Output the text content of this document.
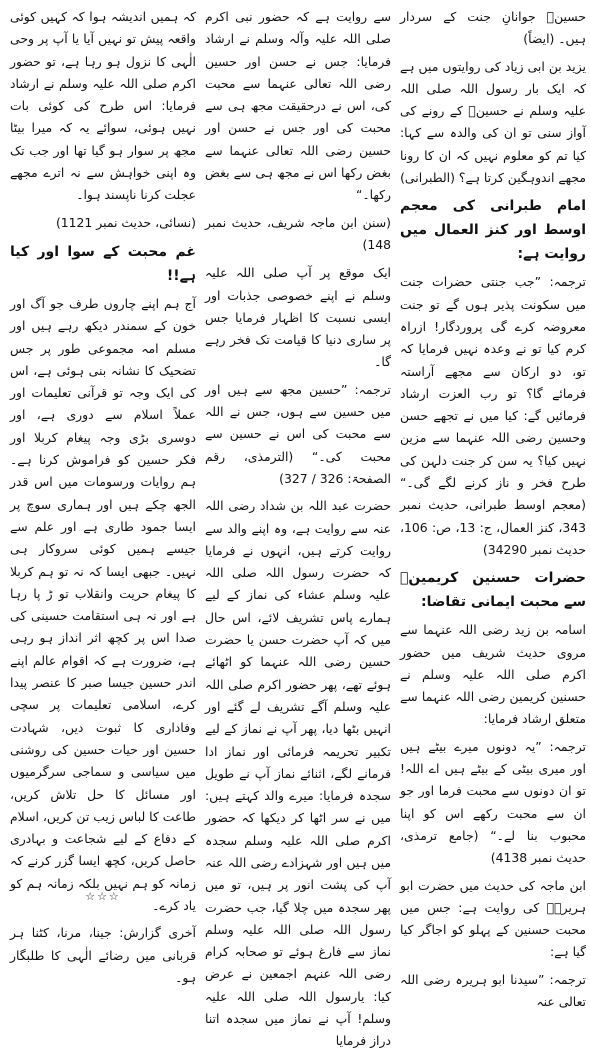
حسینؓ جوانانِ جنت کے سردار ہیں۔ (ایضاً)

یزید بن ابی زیاد کی روایتوں میں ہے کہ ایک بار رسول اللہ صلی اللہ علیہ وسلم نے حسینؓ کے رونے کی آواز سنی تو ان کی والدہ سے کہا: کیا تم کو معلوم نہیں کہ ان کا رونا مجھے اندوہگین کرتا ہے؟ (الطبرانی)

امام طبرانی کی معجم اوسط اور کنز العمال میں روایت ہے:

ترجمہ: ”جب جنتی حضرات جنت میں سکونت پذیر ہوں گے تو جنت معروضہ کرے گی پروردگار! ازراہ کرم کیا تو نے وعدہ نہیں فرمایا کہ تو، دو ارکان سے مجھے آراستہ فرمائے گا؟ تو رب العزت ارشاد فرمائیں گے: کیا میں نے تجھے حسن وحسین رضی اللہ عنہما سے مزین نہیں کیا؟ یہ سن کر جنت دلہن کی طرح فخر و ناز کرنے لگے گی۔“ (معجم اوسط طبرانی، حدیث نمبر 343، کنز العمال، ج: 13، ص: 106، حدیث نمبر 34290)

حضرات حسنین کریمینؓ سے محبت ایمانی تقاضا:

اسامہ بن زید رضی اللہ عنہما سے مروی حدیث شریف میں حضور اکرم صلی اللہ علیہ وسلم نے حسنین کریمین رضی اللہ عنہما سے متعلق ارشاد فرمایا:

ترجمہ: ”یہ دونوں میرے بیٹے ہیں اور میری بیٹی کے بیٹے ہیں اے اللہ! تو ان دونوں سے محبت فرما اور جو ان سے محبت رکھے اس کو اپنا محبوب بنا لے۔“ (جامع ترمذی، حدیث نمبر 4138)

ابن ماجہ کی حدیث میں حضرت ابو ہریرہؓ کی روایت ہے: جس میں محبت حسنین کے پہلو کو اجاگر کیا گیا ہے:

ترجمہ: ”سیدنا ابو ہریرہ رضی اللہ تعالی عنہ

سے روایت ہے کہ حضور نبی اکرم صلی اللہ علیہ وآلہ وسلم نے ارشاد فرمایا: جس نے حسن اور حسین رضی اللہ تعالی عنہما سے محبت کی، اس نے درحقیقت مجھ ہی سے محبت کی اور جس نے حسن اور حسین رضی اللہ تعالی عنہما سے بغض رکھا اس نے مجھ ہی سے بغض رکھا۔“

(سنن ابن ماجہ شریف، حدیث نمبر 148)

ایک موقع پر آپ صلی اللہ علیہ وسلم نے اپنے خصوصی جذبات اور ایسی نسبت کا اظہار فرمایا جس پر ساری دنیا کا قیامت تک فخر رہے گا۔

ترجمہ: ”حسین مجھ سے ہیں اور میں حسین سے ہوں، جس نے اللہ سے محبت کی اس نے حسین سے محبت کی۔“ (الترمذی، رقم الصفحۃ: 326 / 327)

حضرت عبد اللہ بن شداد رضی اللہ عنہ سے روایت ہے، وہ اپنے والد سے روایت کرتے ہیں، انہوں نے فرمایا کہ حضرت رسول اللہ صلی اللہ علیہ وسلم عشاء کی نماز کے لیے ہمارے پاس تشریف لائے، اس حال میں کہ آپ حضرت حسن یا حضرت حسین رضی اللہ عنہما کو اٹھائے ہوئے تھے، پھر حضور اکرم صلی اللہ علیہ وسلم آگے تشریف لے گئے اور انہیں بٹھا دیا، پھر آپ نے نماز کے لیے تکبیر تحریمہ فرمائی اور نماز ادا فرمانے لگے، اثنائے نماز آپ نے طویل سجدہ فرمایا: میرے والد کہتے ہیں: میں نے سر اٹھا کر دیکھا کہ حضور اکرم صلی اللہ علیہ وسلم سجدہ میں ہیں اور شہزادے رضی اللہ عنہ آپ کی پشت انور پر ہیں، تو میں پھر سجدہ میں چلا گیا، جب حضرت رسول اللہ صلی اللہ علیہ وسلم نماز سے فارغ ہوئے تو صحابہ کرام رضی اللہ عنہم اجمعین نے عرض کیا: یارسول اللہ صلی اللہ علیہ وسلم! آپ نے نماز میں سجدہ اتنا دراز فرمایا

کہ ہمیں اندیشہ ہوا کہ کہیں کوئی واقعہ پیش تو نہیں آیا یا آپ پر وحی الٰہی کا نزول ہو رہا ہے، تو حضور اکرم صلی اللہ علیہ وسلم نے ارشاد فرمایا: اس طرح کی کوئی بات نہیں ہوئی، سوائے یہ کہ میرا بیٹا مجھ پر سوار ہو گیا تھا اور جب تک وہ اپنی خواہش سے نہ اترے مجھے عجلت کرنا ناپسند ہوا۔

(نسائی، حدیث نمبر 1121)

غم محبت کے سوا اور کیا ہے!!

آج ہم اپنے چاروں طرف جو آگ اور خون کے سمندر دیکھ رہے ہیں اور مسلم امہ مجموعی طور پر جس تضحیک کا نشانہ بنی ہوئی ہے، اس کی ایک وجہ تو قرآنی تعلیمات اور عملاً اسلام سے دوری ہے، اور دوسری بڑی وجہ پیغام کربلا اور فکر حسین کو فراموش کرنا ہے۔ ہم روایات ورسومات میں اس قدر الجھ چکے ہیں اور ہماری سوچ پر ایسا جمود طاری ہے اور علم سے جیسے ہمیں کوئی سروکار ہی نہیں۔ جبھی ایسا کہ نہ تو ہم کربلا کا پیغام حریت وانقلاب تو ڑ پا رہا ہے اور نہ ہی استقامت حسینی کی صدا اس پر کچھ اثر انداز ہو رہی ہے، ضرورت ہے کہ اقوام عالم اپنے اندر حسین جیسا صبر کا عنصر پیدا کرے، اسلامی تعلیمات پر سچی وفاداری کا ثبوت دیں، شہادت حسین اور حیات حسین کی روشنی میں سیاسی و سماجی سرگرمیوں اور مسائل کا حل تلاش کریں، طاعت کا لباس زیب تن کریں، اسلام کے دفاع کے لیے شجاعت و بہادری حاصل کریں، کچھ ایسا گزر کرنے کہ زمانہ کو ہم نہیں بلکہ زمانہ ہم کو یاد کرے۔

آخری گزارش: جینا، مرنا، کٹنا ہر قربانی میں رضائے الٰہی کا طلبگار ہو۔

☆☆☆
